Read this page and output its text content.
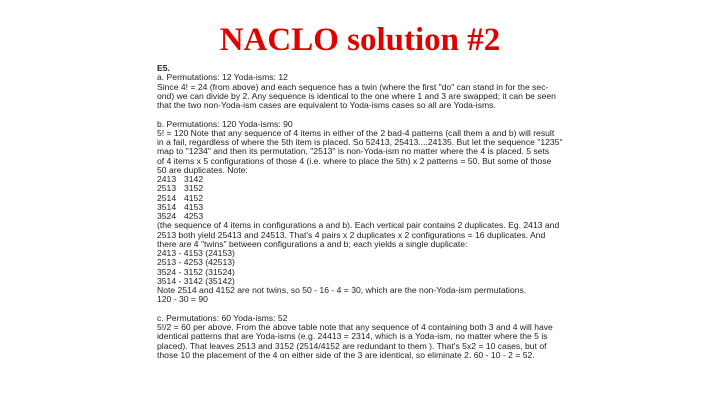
NACLO solution #2
E5.
a. Permutations: 12 Yoda-isms: 12
Since 4! = 24 (from above) and each sequence has a twin (where the first "do" can stand in for the sec-
ond) we can divide by 2. Any sequence is identical to the one where 1 and 3 are swapped; it can be seen
that the two non-Yoda-ism cases are equivalent to Yoda-isms cases so all are Yoda-isms.
b. Permutations: 120 Yoda-isms: 90
5! = 120 Note that any sequence of 4 items in either of the 2 bad-4 patterns (call them a and b) will result
in a fail, regardless of where the 5th item is placed. So 52413, 25413....24135. But let the sequence "1235"
map to "1234" and then its permutation, "2513" is non-Yoda-ism no matter where the 4 is placed. 5 sets
of 4 items x 5 configurations of those 4 (i.e. where to place the 5th) x 2 patterns = 50. But some of those
50 are duplicates. Note:
2413 3142
2513 3152
2514 4152
3514 4153
3524 4253
(the sequence of 4 items in configurations a and b). Each vertical pair contains 2 duplicates. Eg. 2413 and
2513 both yield 25413 and 24513. That's 4 pairs x 2 duplicates x 2 configurations = 16 duplicates. And
there are 4 "twins" between configurations a and b; each yields a single duplicate:
2413 - 4153 (24153)
2513 - 4253 (42513)
3524 - 3152 (31524)
3514 - 3142 (35142)
Note 2514 and 4152 are not twins, so 50 - 16 - 4 = 30, which are the non-Yoda-ism permutations.
120 - 30 = 90
c. Permutations: 60 Yoda-isms: 52
5!/2 = 60 per above. From the above table note that any sequence of 4 containing both 3 and 4 will have
identical patterns that are Yoda-isms (e.g. 24413 = 2314, which is a Yoda-ism, no matter where the 5 is
placed). That leaves 2513 and 3152 (2514/4152 are redundant to them ). That's 5x2 = 10 cases, but of
those 10 the placement of the 4 on either side of the 3 are identical, so eliminate 2. 60 - 10 - 2 = 52.
